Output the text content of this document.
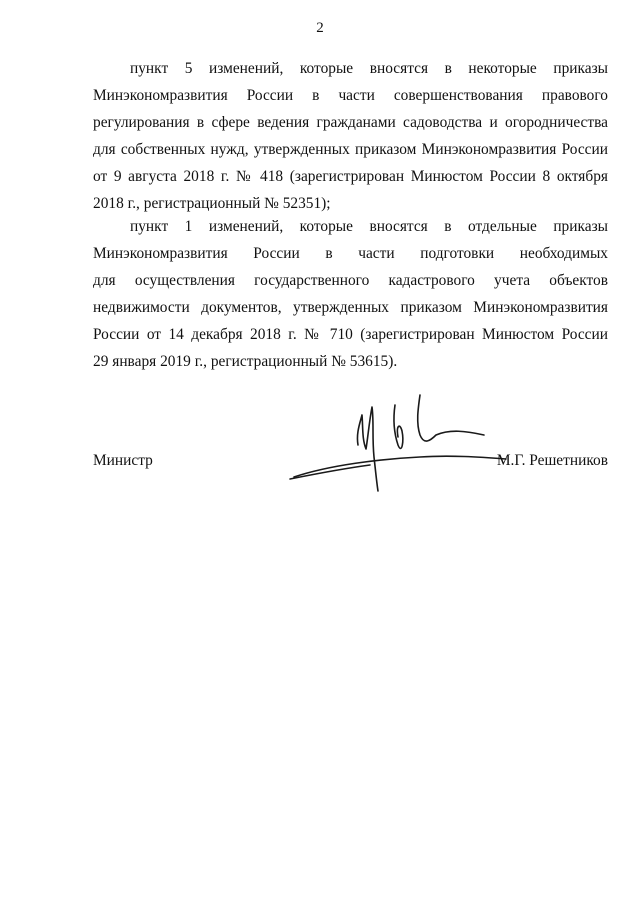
2
пункт 5 изменений, которые вносятся в некоторые приказы
Минэкономразвития России в части совершенствования правового
регулирования в сфере ведения гражданами садоводства и огородничества
для собственных нужд, утвержденных приказом Минэкономразвития России
от 9 августа 2018 г. № 418 (зарегистрирован Минюстом России 8 октября
2018 г., регистрационный № 52351);
пункт 1 изменений, которые вносятся в отдельные приказы
Минэкономразвития России в части подготовки необходимых
для осуществления государственного кадастрового учета объектов
недвижимости документов, утвержденных приказом Минэкономразвития
России от 14 декабря 2018 г. № 710 (зарегистрирован Минюстом России
29 января 2019 г., регистрационный № 53615).
Министр	М.Г. Решетников
